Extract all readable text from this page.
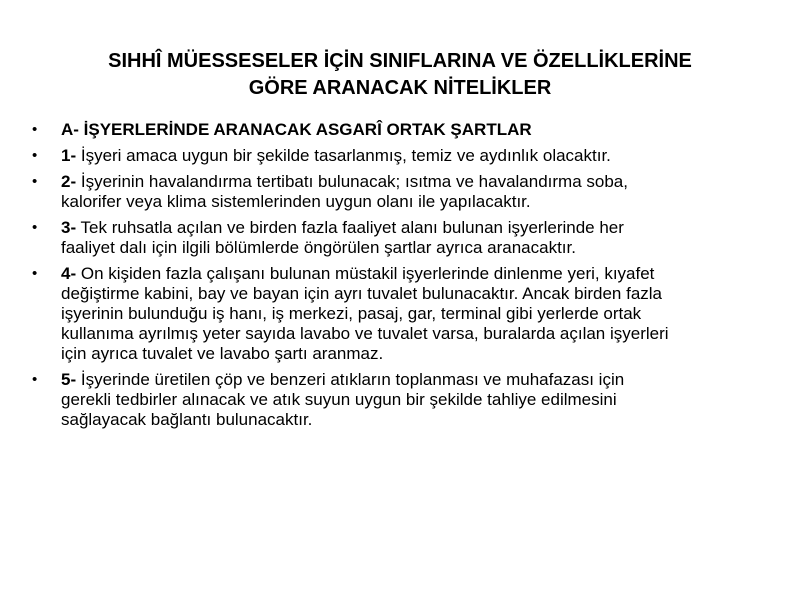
SIHHÎ MÜESSESELER İÇİN SINIFLARINA VE ÖZELLİKLERİNE
GÖRE ARANACAK NİTELİKLER
• A- İŞYERLERİNDE ARANACAK ASGARÎ ORTAK ŞARTLAR
• 1- İşyeri amaca uygun bir şekilde tasarlanmış, temiz ve aydınlık olacaktır.
• 2- İşyerinin havalandırma tertibatı bulunacak; ısıtma ve havalandırma soba, kalorifer veya klima sistemlerinden uygun olanı ile yapılacaktır.
• 3- Tek ruhsatla açılan ve birden fazla faaliyet alanı bulunan işyerlerinde her faaliyet dalı için ilgili bölümlerde öngörülen şartlar ayrıca aranacaktır.
• 4- On kişiden fazla çalışanı bulunan müstakil işyerlerinde dinlenme yeri, kıyafet değiştirme kabini, bay ve bayan için ayrı tuvalet bulunacaktır. Ancak birden fazla işyerinin bulunduğu iş hanı, iş merkezi, pasaj, gar, terminal gibi yerlerde ortak kullanıma ayrılmış yeter sayıda lavabo ve tuvalet varsa, buralarda açılan işyerleri için ayrıca tuvalet ve lavabo şartı aranmaz.
• 5- İşyerinde üretilen çöp ve benzeri atıkların toplanması ve muhafazası için gerekli tedbirler alınacak ve atık suyun uygun bir şekilde tahliye edilmesini sağlayacak bağlantı bulunacaktır.
